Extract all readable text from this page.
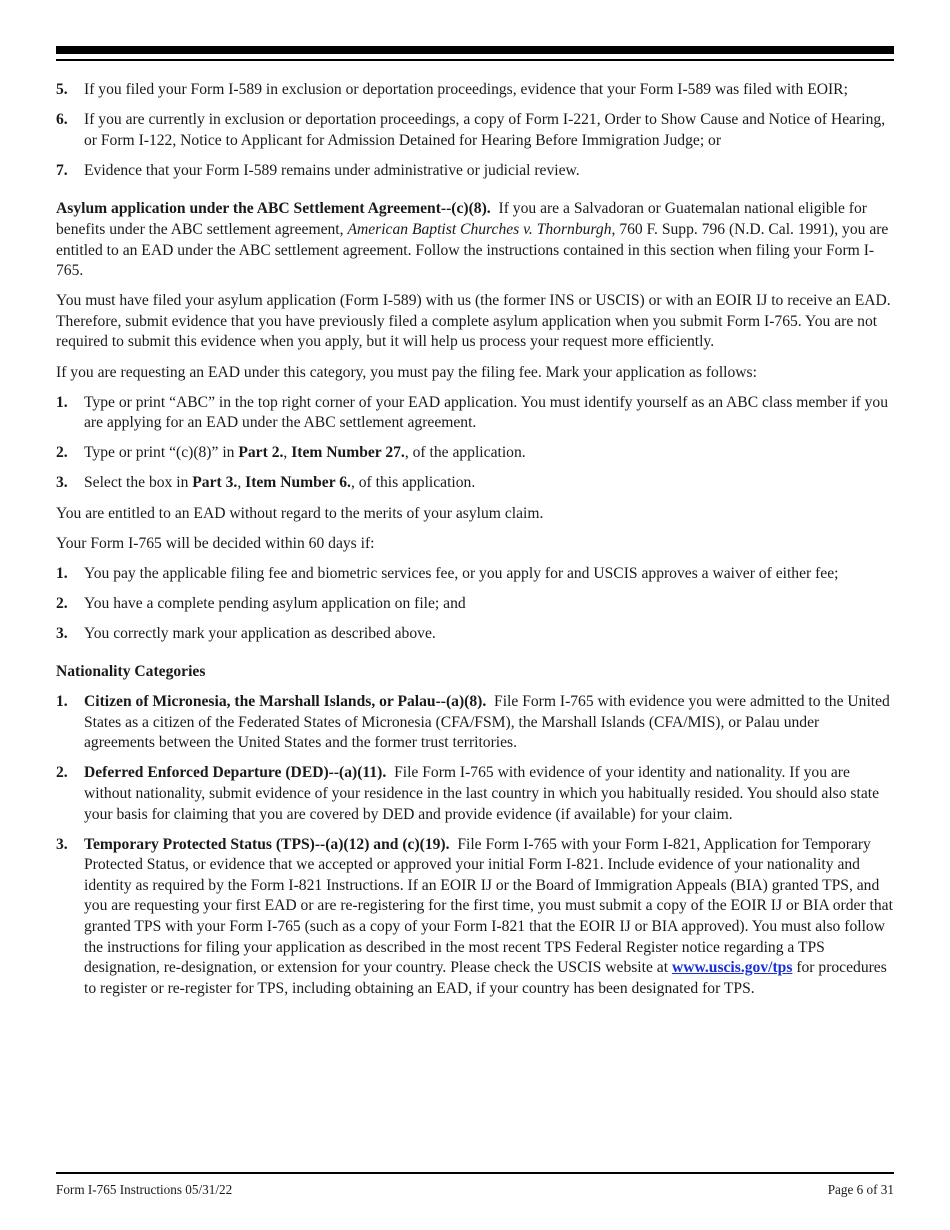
5. If you filed your Form I-589 in exclusion or deportation proceedings, evidence that your Form I-589 was filed with EOIR;
6. If you are currently in exclusion or deportation proceedings, a copy of Form I-221, Order to Show Cause and Notice of Hearing, or Form I-122, Notice to Applicant for Admission Detained for Hearing Before Immigration Judge; or
7. Evidence that your Form I-589 remains under administrative or judicial review.

Asylum application under the ABC Settlement Agreement--(c)(8). If you are a Salvadoran or Guatemalan national eligible for benefits under the ABC settlement agreement, American Baptist Churches v. Thornburgh, 760 F. Supp. 796 (N.D. Cal. 1991), you are entitled to an EAD under the ABC settlement agreement. Follow the instructions contained in this section when filing your Form I-765.

You must have filed your asylum application (Form I-589) with us (the former INS or USCIS) or with an EOIR IJ to receive an EAD. Therefore, submit evidence that you have previously filed a complete asylum application when you submit Form I-765. You are not required to submit this evidence when you apply, but it will help us process your request more efficiently.

If you are requesting an EAD under this category, you must pay the filing fee. Mark your application as follows:

1. Type or print “ABC” in the top right corner of your EAD application. You must identify yourself as an ABC class member if you are applying for an EAD under the ABC settlement agreement.
2. Type or print “(c)(8)” in Part 2., Item Number 27., of the application.
3. Select the box in Part 3., Item Number 6., of this application.

You are entitled to an EAD without regard to the merits of your asylum claim.

Your Form I-765 will be decided within 60 days if:

1. You pay the applicable filing fee and biometric services fee, or you apply for and USCIS approves a waiver of either fee;
2. You have a complete pending asylum application on file; and
3. You correctly mark your application as described above.
Nationality Categories
1. Citizen of Micronesia, the Marshall Islands, or Palau--(a)(8). File Form I-765 with evidence you were admitted to the United States as a citizen of the Federated States of Micronesia (CFA/FSM), the Marshall Islands (CFA/MIS), or Palau under agreements between the United States and the former trust territories.
2. Deferred Enforced Departure (DED)--(a)(11). File Form I-765 with evidence of your identity and nationality. If you are without nationality, submit evidence of your residence in the last country in which you habitually resided. You should also state your basis for claiming that you are covered by DED and provide evidence (if available) for your claim.
3. Temporary Protected Status (TPS)--(a)(12) and (c)(19). File Form I-765 with your Form I-821, Application for Temporary Protected Status, or evidence that we accepted or approved your initial Form I-821. Include evidence of your nationality and identity as required by the Form I-821 Instructions. If an EOIR IJ or the Board of Immigration Appeals (BIA) granted TPS, and you are requesting your first EAD or are re-registering for the first time, you must submit a copy of the EOIR IJ or BIA order that granted TPS with your Form I-765 (such as a copy of your Form I-821 that the EOIR IJ or BIA approved). You must also follow the instructions for filing your application as described in the most recent TPS Federal Register notice regarding a TPS designation, re-designation, or extension for your country. Please check the USCIS website at www.uscis.gov/tps for procedures to register or re-register for TPS, including obtaining an EAD, if your country has been designated for TPS.
Form I-765 Instructions 05/31/22	Page 6 of 31
